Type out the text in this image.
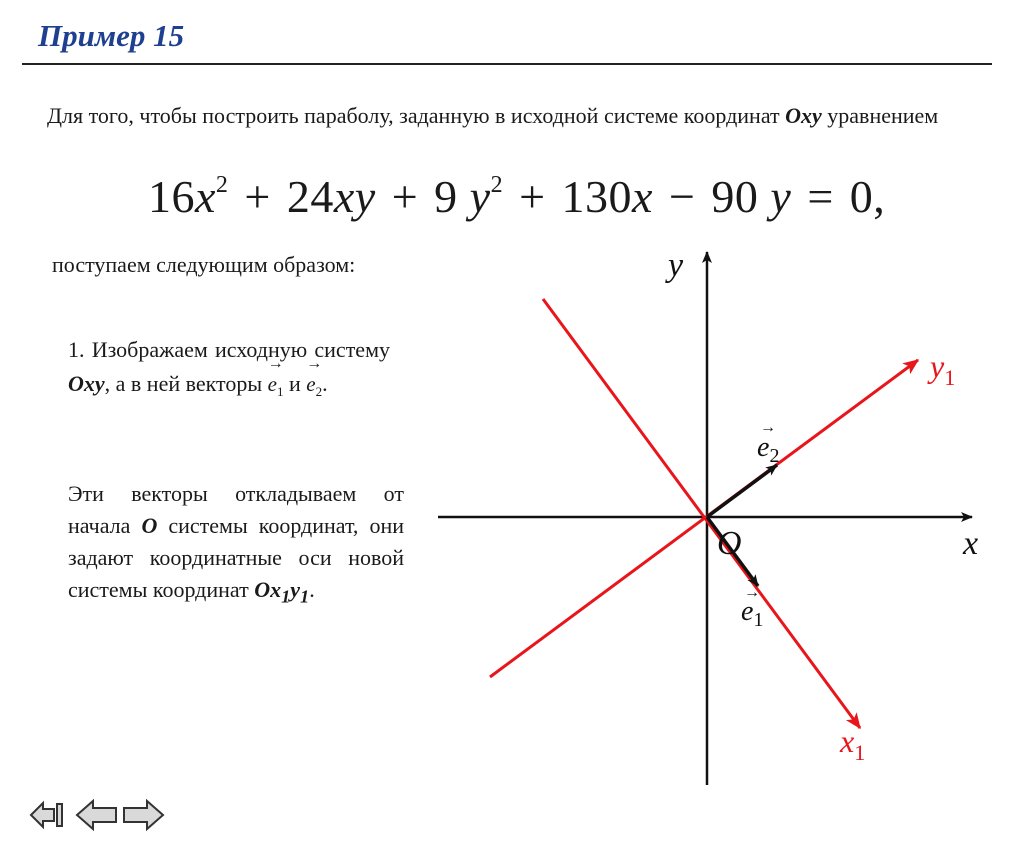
Пример 15
Для того, чтобы построить параболу, заданную в исходной системе координат Oxy уравнением
$16x^2 + 24xy + 9$ $y^2 + 130x - 90$ y = 0,
поступаем следующим образом:
1. Изображаем исходную систему Oxy, а в ней векторы → $e_1$ $и \to e_2$.
Эти векторы откладываем от начала O системы координат, они задают координатные оси новой системы координат $Ox_1y_1$.
x
y
O
$y_1$
$x_1$
→
$e_2$
→
$e_1$
